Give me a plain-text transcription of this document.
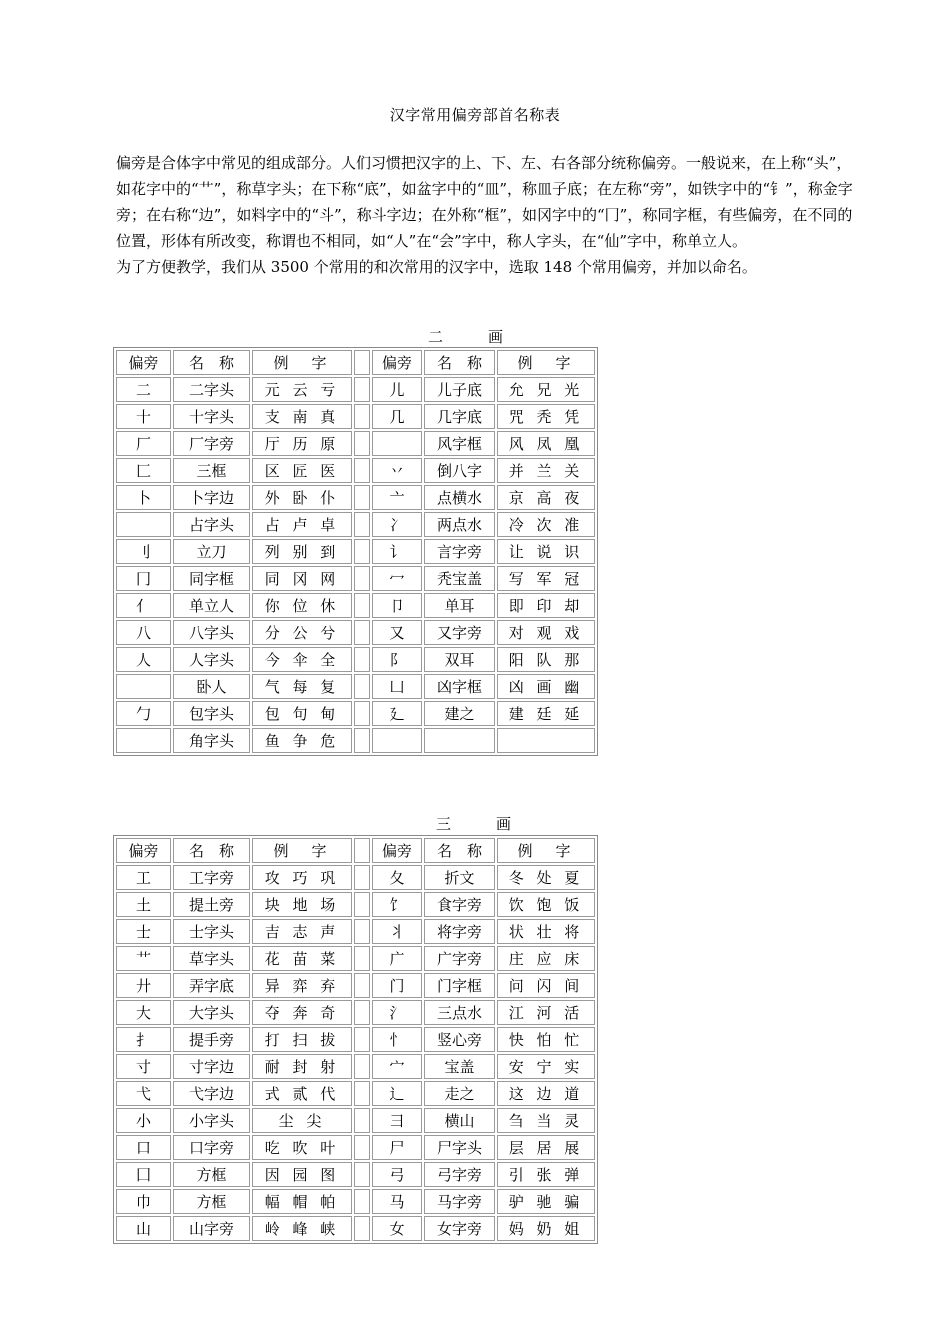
汉字常用偏旁部首名称表

偏旁是合体字中常见的组成部分。人们习惯把汉字的上、下、左、右各部分统称偏旁。一般说来，在上称“头”，如花字中的“艹”，称草字头；在下称“底”，如盆字中的“皿”，称皿子底；在左称“旁”，如铁字中的“钅”，称金字旁；在右称“边”，如料字中的“斗”，称斗字边；在外称“框”，如冈字中的“冂”，称同字框，有些偏旁，在不同的位置，形体有所改变，称谓也不相同，如“人”在“会”字中，称人字头，在“仙”字中，称单立人。

为了方便教学，我们从 3500 个常用的和次常用的汉字中，选取 148 个常用偏旁，并加以命名。

二　　　画
偏旁	名　称	例　字		偏旁	名　称	例　字
二	二字头	元 云 亏		儿	儿子底	允 兄 光
十	十字头	支 南 真		几	几字底	咒 秃 凭
厂	厂字旁	厅 历 原			风字框	风 凤 凰
匚	三框	区 匠 医		丷	倒八字	并 兰 关
卜	卜字边	外 卧 仆		亠	点横水	京 高 夜
	占字头	占 卢 卓		冫	两点水	冷 次 准
刂	立刀	列 别 到		讠	言字旁	让 说 识
冂	同字框	同 冈 网		冖	秃宝盖	写 军 冠
亻	单立人	你 位 休		卩	单耳	即 印 却
八	八字头	分 公 兮		又	又字旁	对 观 戏
人	人字头	今 伞 全		阝	双耳	阳 队 那
	卧人	气 每 复		凵	凶字框	凶 画 幽
勹	包字头	包 句 甸		廴	建之	建 廷 延
	角字头	鱼 争 危				
三　　　画
偏旁	名　称	例　字		偏旁	名　称	例　字
工	工字旁	攻 巧 巩		夂	折文	冬 处 夏
土	提土旁	块 地 场		饣	食字旁	饮 饱 饭
士	士字头	吉 志 声		丬	将字旁	状 壮 将
艹	草字头	花 苗 菜		广	广字旁	庄 应 床
廾	弄字底	异 弈 弃		门	门字框	问 闪 间
大	大字头	夺 奔 奇		氵	三点水	江 河 活
扌	提手旁	打 扫 拔		忄	竖心旁	快 怕 忙
寸	寸字边	耐 封 射		宀	宝盖	安 宁 实
弋	弋字边	式 贰 代		辶	走之	这 边 道
小	小字头	尘 尖		彐	横山	刍 当 灵
口	口字旁	吃 吹 叶		尸	尸字头	层 居 展
囗	方框	因 园 图		弓	弓字旁	引 张 弹
巾	方框	幅 帽 帕		马	马字旁	驴 驰 骗
山	山字旁	岭 峰 峡		女	女字旁	妈 奶 姐
